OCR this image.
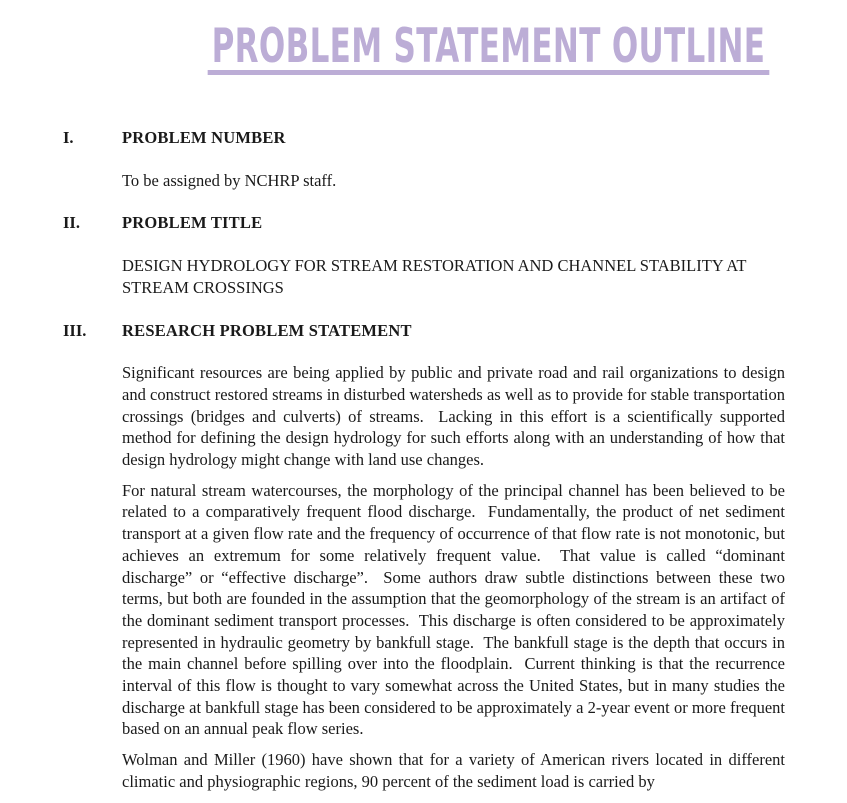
PROBLEM STATEMENT OUTLINE
I.	PROBLEM NUMBER

To be assigned by NCHRP staff.

II.	PROBLEM TITLE

DESIGN HYDROLOGY FOR STREAM RESTORATION AND CHANNEL STABILITY AT STREAM CROSSINGS

III.	RESEARCH PROBLEM STATEMENT

Significant resources are being applied by public and private road and rail organizations to design and construct restored streams in disturbed watersheds as well as to provide for stable transportation crossings (bridges and culverts) of streams.  Lacking in this effort is a scientifically supported method for defining the design hydrology for such efforts along with an understanding of how that design hydrology might change with land use changes.

For natural stream watercourses, the morphology of the principal channel has been believed to be related to a comparatively frequent flood discharge.  Fundamentally, the product of net sediment transport at a given flow rate and the frequency of occurrence of that flow rate is not monotonic, but achieves an extremum for some relatively frequent value.  That value is called “dominant discharge” or “effective discharge”.  Some authors draw subtle distinctions between these two terms, but both are founded in the assumption that the geomorphology of the stream is an artifact of the dominant sediment transport processes.  This discharge is often considered to be approximately represented in hydraulic geometry by bankfull stage.  The bankfull stage is the depth that occurs in the main channel before spilling over into the floodplain.  Current thinking is that the recurrence interval of this flow is thought to vary somewhat across the United States, but in many studies the discharge at bankfull stage has been considered to be approximately a 2-year event or more frequent based on an annual peak flow series.

Wolman and Miller (1960) have shown that for a variety of American rivers located in different climatic and physiographic regions, 90 percent of the sediment load is carried by
